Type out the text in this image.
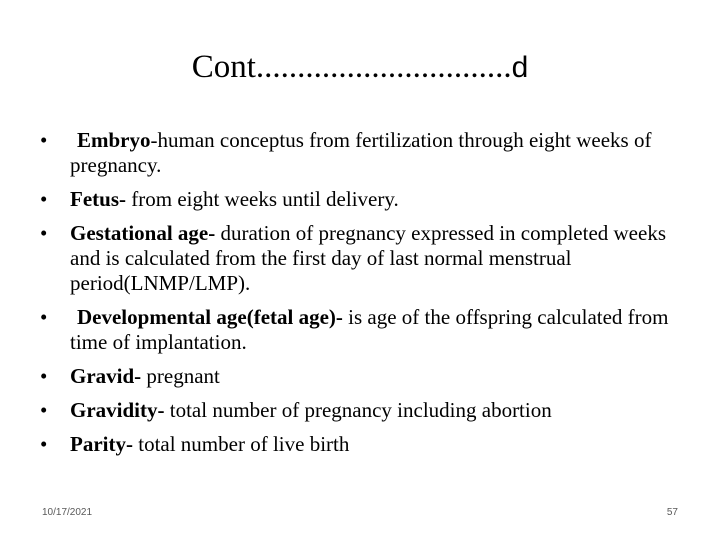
Cont...............................d
•	Embryo-human conceptus from fertilization through eight weeks of pregnancy.
•	Fetus- from eight weeks until delivery.
•	Gestational age- duration of pregnancy expressed in completed weeks and is calculated from the first day of last normal menstrual period(LNMP/LMP).
•	Developmental age(fetal age)- is age of the offspring calculated from time of implantation.
•	Gravid- pregnant
•	Gravidity- total number of pregnancy including abortion
•	Parity- total number of live birth
10/17/2021	57
